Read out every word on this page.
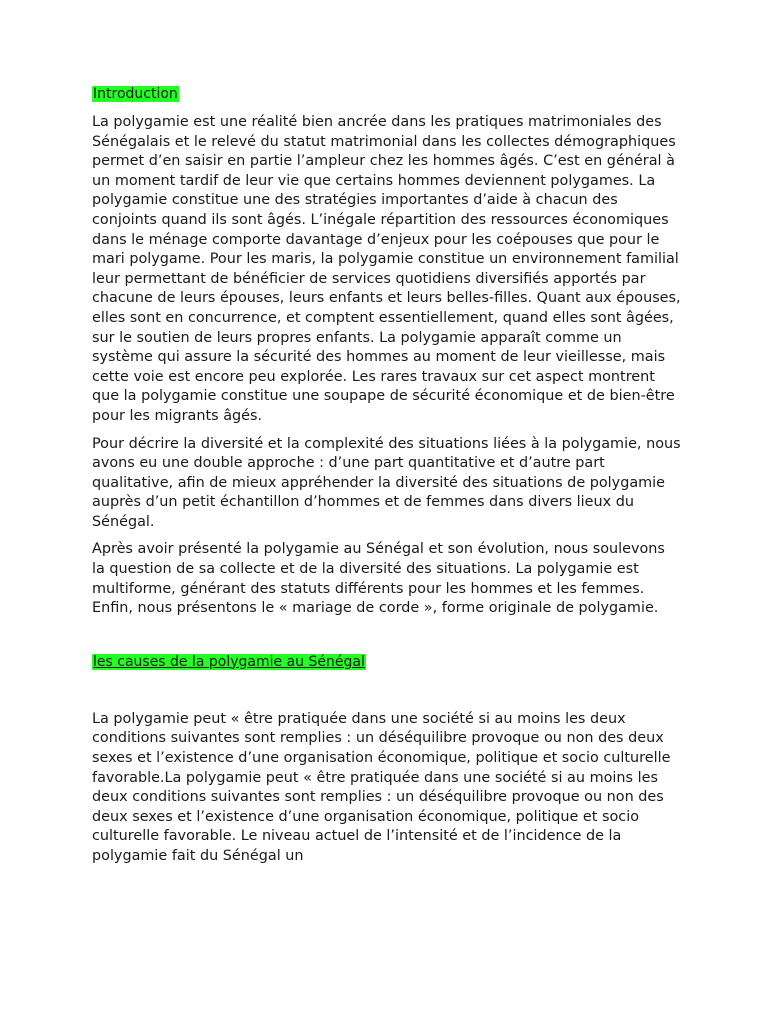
Introduction

La polygamie est une réalité bien ancrée dans les pratiques matrimoniales des Sénégalais et le relevé du statut matrimonial dans les collectes démographiques permet d’en saisir en partie l’ampleur chez les hommes âgés. C’est en général à un moment tardif de leur vie que certains hommes deviennent polygames. La polygamie constitue une des stratégies importantes d’aide à chacun des conjoints quand ils sont âgés. L’inégale répartition des ressources économiques dans le ménage comporte davantage d’enjeux pour les coépouses que pour le mari polygame. Pour les maris, la polygamie constitue un environnement familial leur permettant de bénéficier de services quotidiens diversifiés apportés par chacune de leurs épouses, leurs enfants et leurs belles-filles. Quant aux épouses, elles sont en concurrence, et comptent essentiellement, quand elles sont âgées, sur le soutien de leurs propres enfants. La polygamie apparaît comme un système qui assure la sécurité des hommes au moment de leur vieillesse, mais cette voie est encore peu explorée. Les rares travaux sur cet aspect montrent que la polygamie constitue une soupape de sécurité économique et de bien-être pour les migrants âgés.

Pour décrire la diversité et la complexité des situations liées à la polygamie, nous avons eu une double approche : d’une part quantitative et d’autre part qualitative, afin de mieux appréhender la diversité des situations de polygamie auprès d’un petit échantillon d’hommes et de femmes dans divers lieux du Sénégal.

Après avoir présenté la polygamie au Sénégal et son évolution, nous soulevons la question de sa collecte et de la diversité des situations. La polygamie est multiforme, générant des statuts différents pour les hommes et les femmes. Enfin, nous présentons le « mariage de corde », forme originale de polygamie.

les causes de la polygamie au Sénégal

La polygamie peut « être pratiquée dans une société si au moins les deux conditions suivantes sont remplies : un déséquilibre provoque ou non des deux sexes et l’existence d’une organisation économique, politique et socio culturelle favorable.La polygamie peut « être pratiquée dans une société si au moins les deux conditions suivantes sont remplies : un déséquilibre provoque ou non des deux sexes et l’existence d’une organisation économique, politique et socio culturelle favorable. Le niveau actuel de l’intensité et de l’incidence de la polygamie fait du Sénégal un
